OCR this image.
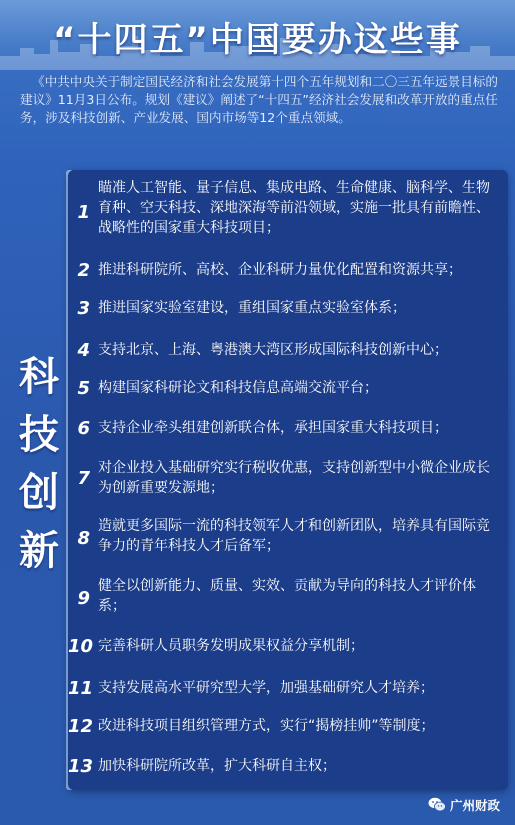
“十四五”中国要办这些事

《中共中央关于制定国民经济和社会发展第十四个五年规划和二〇三五年远景目标的建议》11月3日公布。规划《建议》阐述了“十四五”经济社会发展和改革开放的重点任务，涉及科技创新、产业发展、国内市场等12个重点领域。

科
技
创
新
1
瞄准人工智能、量子信息、集成电路、生命健康、脑科学、生物育种、空天科技、深地深海等前沿领域，实施一批具有前瞻性、战略性的国家重大科技项目；
2 推进科研院所、高校、企业科研力量优化配置和资源共享；
3 推进国家实验室建设，重组国家重点实验室体系；
4 支持北京、上海、粤港澳大湾区形成国际科技创新中心；
5 构建国家科研论文和科技信息高端交流平台；
6 支持企业牵头组建创新联合体，承担国家重大科技项目；
7 对企业投入基础研究实行税收优惠，支持创新型中小微企业成长为创新重要发源地；
8
造就更多国际一流的科技领军人才和创新团队，培养具有国际竞争力的青年科技人才后备军；
9
健全以创新能力、质量、实效、贡献为导向的科技人才评价体系；
10 完善科研人员职务发明成果权益分享机制；
11 支持发展高水平研究型大学，加强基础研究人才培养；
12 改进科技项目组织管理方式，实行“揭榜挂帅”等制度；
13 加快科研院所改革，扩大科研自主权；
广州财政
